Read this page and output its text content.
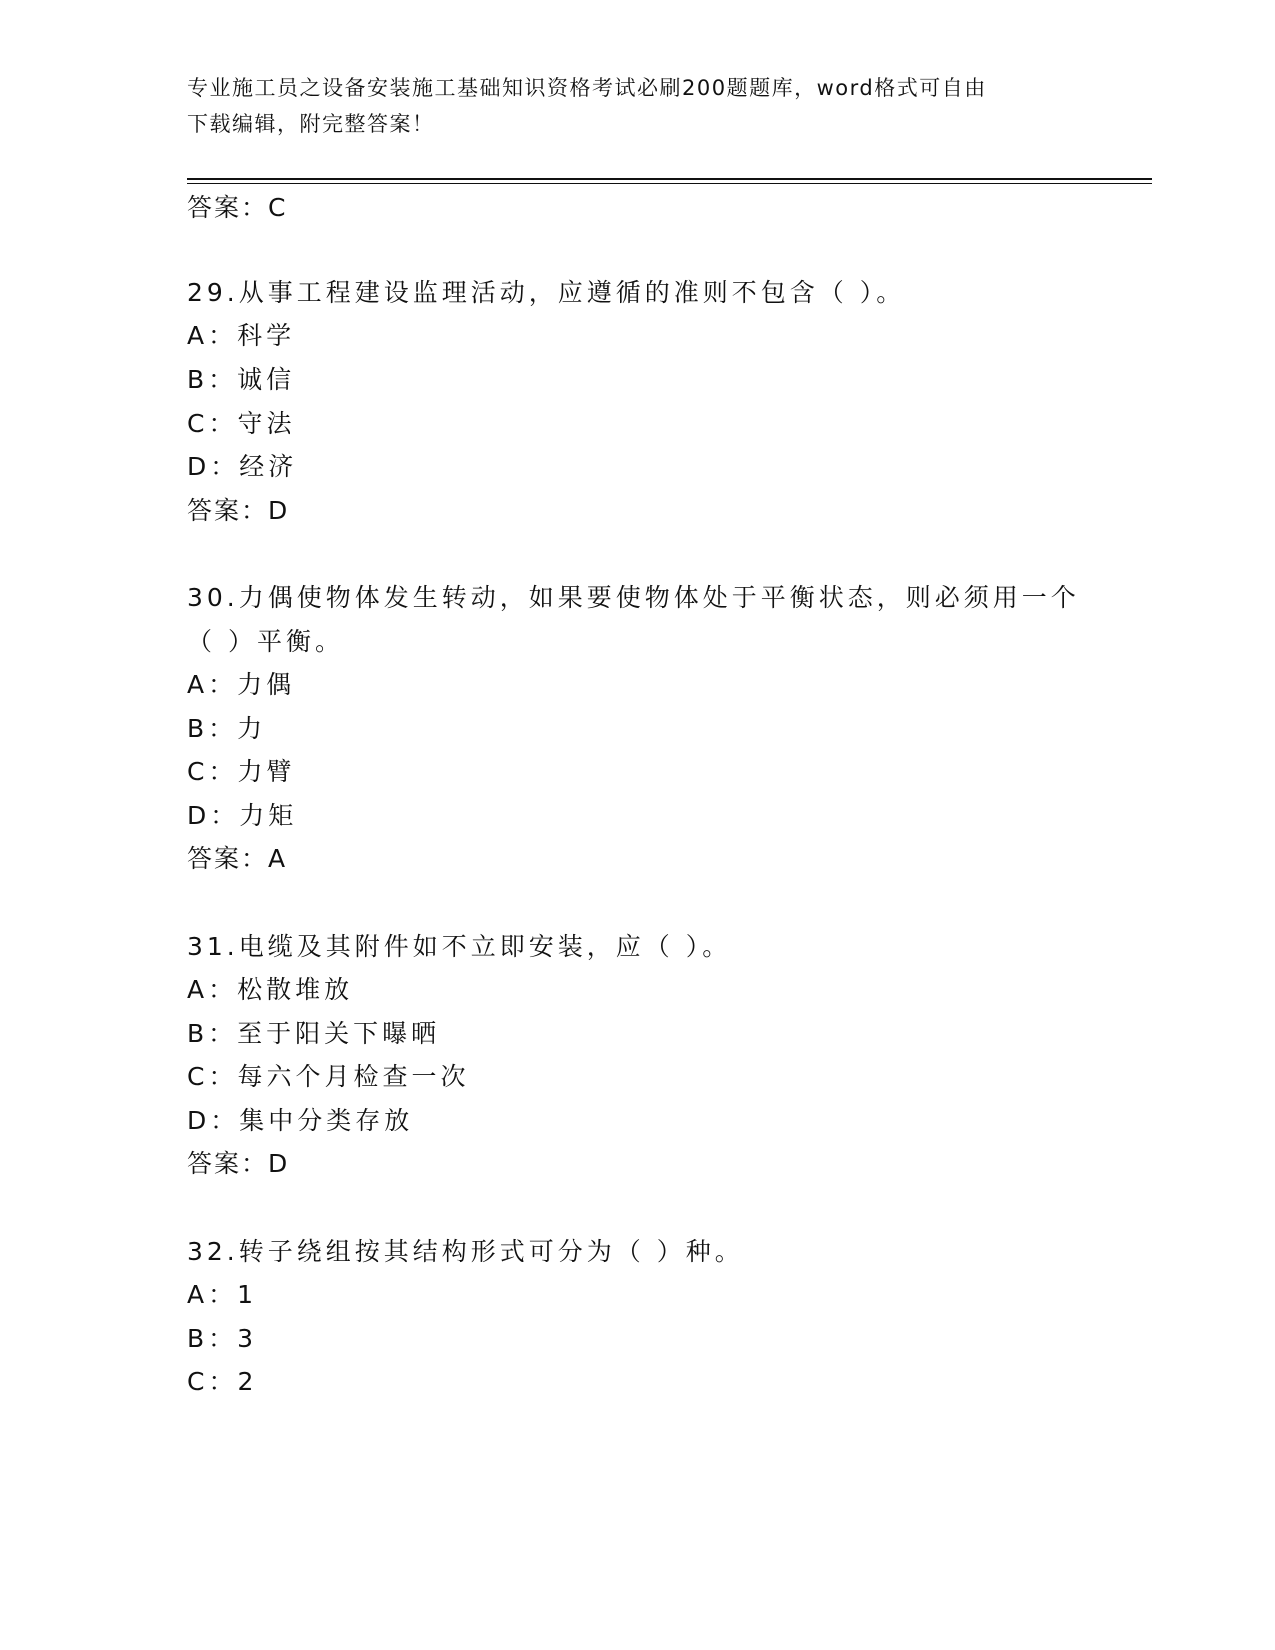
专业施工员之设备安装施工基础知识资格考试必刷200题题库，word格式可自由
下载编辑，附完整答案！
答案：C
29.从事工程建设监理活动，应遵循的准则不包含（ ）。
A：科学
B：诚信
C：守法
D：经济
答案：D
30.力偶使物体发生转动，如果要使物体处于平衡状态，则必须用一个
（ ）平衡。
A：力偶
B：力
C：力臂
D：力矩
答案：A
31.电缆及其附件如不立即安装，应（ ）。
A：松散堆放
B：至于阳关下曝晒
C：每六个月检查一次
D：集中分类存放
答案：D
32.转子绕组按其结构形式可分为（ ）种。
A：1
B：3
C：2
